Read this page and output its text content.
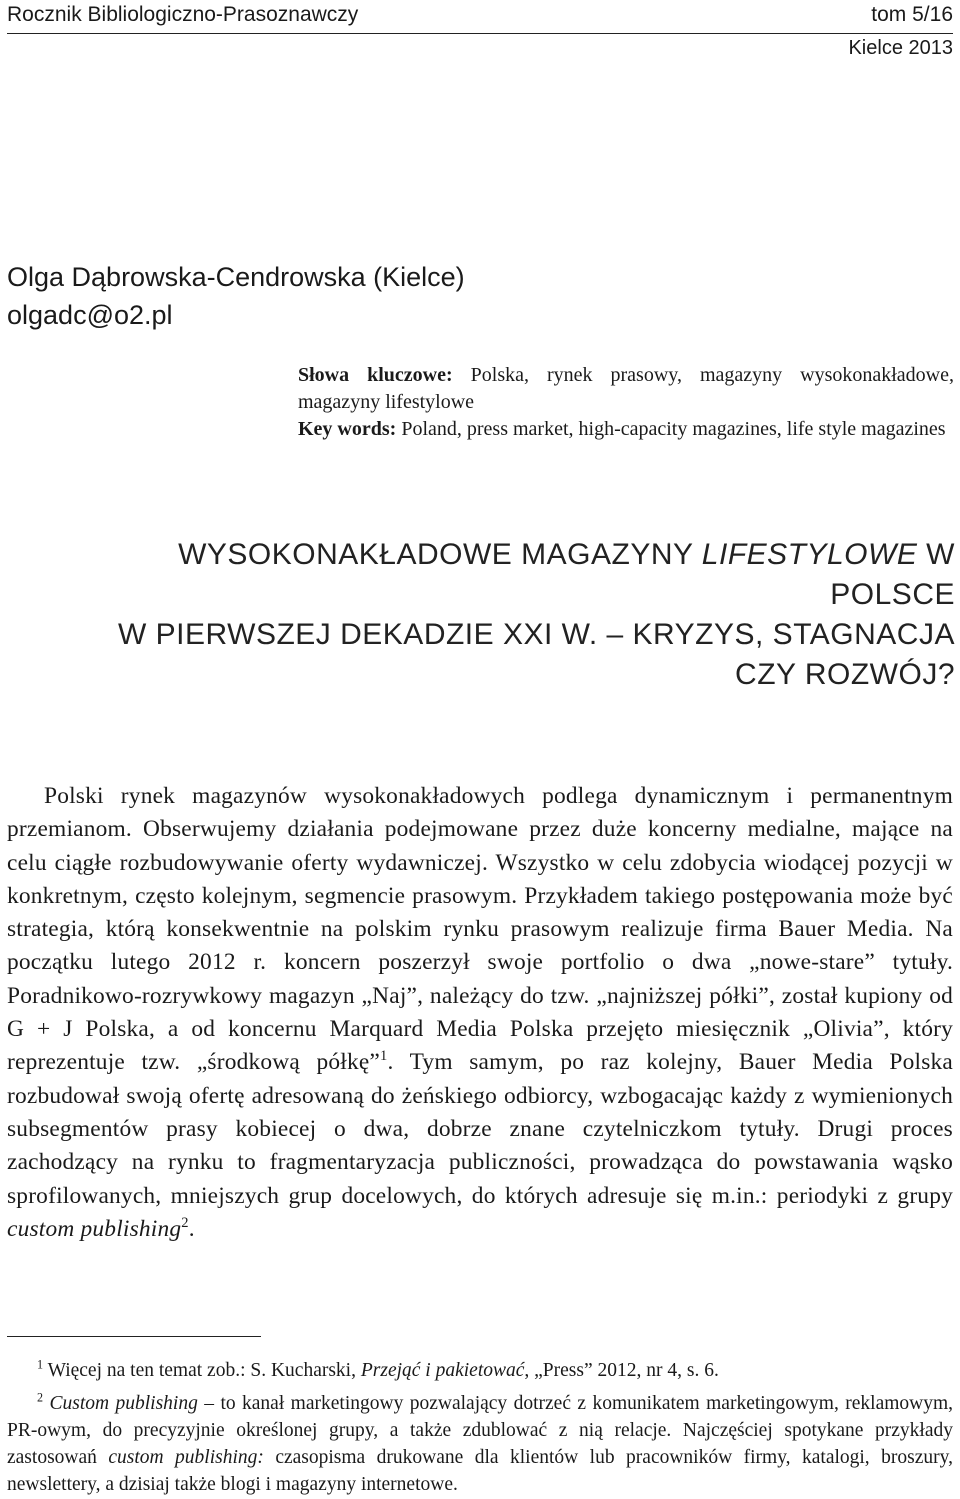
Rocznik Bibliologiczno-Prasoznawczy	tom 5/16
Kielce 2013
Olga Dąbrowska-Cendrowska (Kielce)
olgadc@o2.pl

Słowa kluczowe: Polska, rynek prasowy, magazyny wysokonakładowe, magazyny lifestylowe

Key words: Poland, press market, high-capacity magazines, life style magazines

WYSOKONAKŁADOWE MAGAZYNY LIFESTYLOWE W POLSCE
W PIERWSZEJ DEKADZIE XXI W. – KRYZYS, STAGNACJA
CZY ROZWÓJ?

Polski rynek magazynów wysokonakładowych podlega dynamicznym i permanentnym przemianom. Obserwujemy działania podejmowane przez duże koncerny medialne, mające na celu ciągłe rozbudowywanie oferty wydawniczej. Wszystko w celu zdobycia wiodącej pozycji w konkretnym, często kolejnym, segmencie prasowym. Przykładem takiego postępowania może być strategia, którą konsekwentnie na polskim rynku prasowym realizuje firma Bauer Media. Na początku lutego 2012 r. koncern poszerzył swoje portfolio o dwa „nowe-stare” tytuły. Poradnikowo-rozrywkowy magazyn „Naj”, należący do tzw. „najniższej półki”, został kupiony od G + J Polska, a od koncernu Marquard Media Polska przejęto miesięcznik „Olivia”, który reprezentuje tzw. „środkową półkę”$^1$. Tym samym, po raz kolejny, Bauer Media Polska rozbudował swoją ofertę adresowaną do żeńskiego odbiorcy, wzbogacając każdy z wymienionych subsegmentów prasy kobiecej o dwa, dobrze znane czytelniczkom tytuły. Drugi proces zachodzący na rynku to fragmentaryzacja publiczności, prowadząca do powstawania wąsko sprofilowanych, mniejszych grup docelowych, do których adresuje się m.in.: periodyki z grupy custom publishing$^2$.

$^1$ Więcej na ten temat zob.: S. Kucharski, Przejąć i pakietować, „Press” 2012, nr 4, s. 6.

$^2$ Custom publishing – to kanał marketingowy pozwalający dotrzeć z komunikatem marketingowym, reklamowym, PR-owym, do precyzyjnie określonej grupy, a także zdublować z nią relacje. Najczęściej spotykane przykłady zastosowań custom publishing: czasopisma drukowane dla klientów lub pracowników firmy, katalogi, broszury, newslettery, a dzisiaj także blogi i magazyny internetowe.
